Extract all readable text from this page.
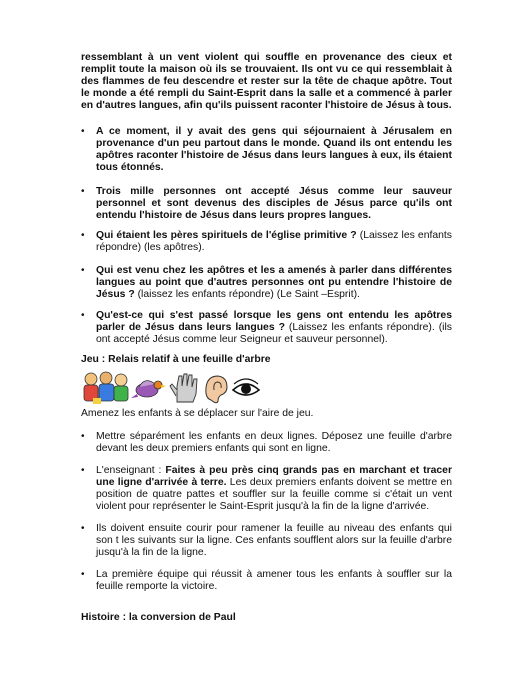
ressemblant à un vent violent qui souffle en provenance des cieux et remplit toute la maison où ils se trouvaient. Ils ont vu ce qui ressemblait à des flammes de feu descendre et rester sur la tête de chaque apôtre. Tout le monde a été rempli du Saint-Esprit dans la salle et a commencé à parler en d'autres langues, afin qu'ils puissent raconter l'histoire de Jésus à tous.
• A ce moment, il y avait des gens qui séjournaient à Jérusalem en provenance d'un peu partout dans le monde. Quand ils ont entendu les apôtres raconter l'histoire de Jésus dans leurs langues à eux, ils étaient tous étonnés.
• Trois mille personnes ont accepté Jésus comme leur sauveur personnel et sont devenus des disciples de Jésus parce qu'ils ont entendu l'histoire de Jésus dans leurs propres langues.
• Qui étaient les pères spirituels de l'église primitive ? (Laissez les enfants répondre) (les apôtres).
• Qui est venu chez les apôtres et les a amenés à parler dans différentes langues au point que d'autres personnes ont pu entendre l'histoire de Jésus ? (laissez les enfants répondre) (Le Saint –Esprit).
• Qu'est-ce qui s'est passé lorsque les gens ont entendu les apôtres parler de Jésus dans leurs langues ? (Laissez les enfants répondre). (ils ont accepté Jésus comme leur Seigneur et sauveur personnel).
Jeu : Relais relatif à une feuille d'arbre
Amenez les enfants à se déplacer sur l'aire de jeu.
• Mettre séparément les enfants en deux lignes. Déposez une feuille d'arbre devant les deux premiers enfants qui sont en ligne.
• L'enseignant : Faites à peu près cinq grands pas en marchant et tracer une ligne d'arrivée à terre. Les deux premiers enfants doivent se mettre en position de quatre pattes et souffler sur la feuille comme si c'était un vent violent pour représenter le Saint-Esprit jusqu'à la fin de la ligne d'arrivée.
• Ils doivent ensuite courir pour ramener la feuille au niveau des enfants qui son t les suivants sur la ligne. Ces enfants soufflent alors sur la feuille d'arbre jusqu'à la fin de la ligne.
• La première équipe qui réussit à amener tous les enfants à souffler sur la feuille remporte la victoire.
Histoire : la conversion de Paul
